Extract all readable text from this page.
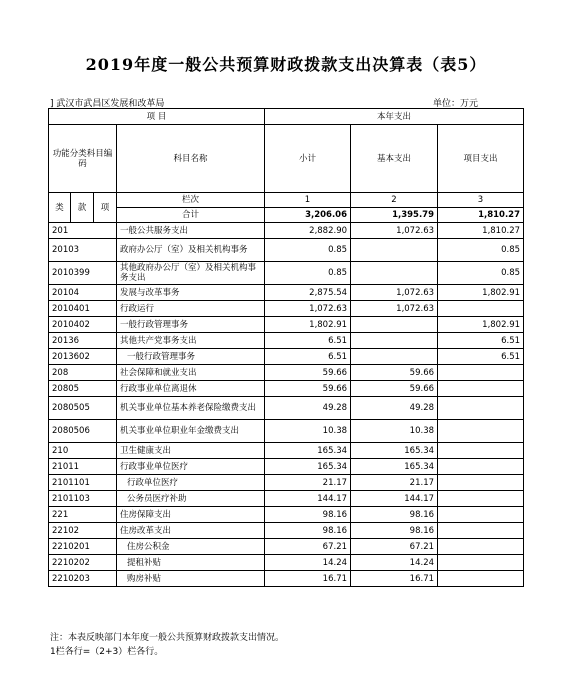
2019年度一般公共预算财政拨款支出决算表（表5）
] 武汉市武昌区发展和改革局	单位：万元
项 目				本年支出		
功能分类科目编码			科目名称	小计	基本支出	项目支出
类	款	项	栏次	1	2	3
			合计	3,206.06	1,395.79	1,810.27
201			一般公共服务支出	2,882.90	1,072.63	1,810.27
20103			政府办公厅（室）及相关机构事务	0.85		0.85
2010399			其他政府办公厅（室）及相关机构事务支出	0.85		0.85
20104			发展与改革事务	2,875.54	1,072.63	1,802.91
2010401			行政运行	1,072.63	1,072.63	
2010402			一般行政管理事务	1,802.91		1,802.91
20136			其他共产党事务支出	6.51		6.51
2013602			一般行政管理事务	6.51		6.51
208			社会保障和就业支出	59.66	59.66	
20805			行政事业单位离退休	59.66	59.66	
2080505			机关事业单位基本养老保险缴费支出	49.28	49.28	
2080506			机关事业单位职业年金缴费支出	10.38	10.38	
210			卫生健康支出	165.34	165.34	
21011			行政事业单位医疗	165.34	165.34	
2101101			行政单位医疗	21.17	21.17	
2101103			公务员医疗补助	144.17	144.17	
221			住房保障支出	98.16	98.16	
22102			住房改革支出	98.16	98.16	
2210201			住房公积金	67.21	67.21	
2210202			提租补贴	14.24	14.24	
2210203			购房补贴	16.71	16.71	
注：本表反映部门本年度一般公共预算财政拨款支出情况。
1栏各行=（2+3）栏各行。
